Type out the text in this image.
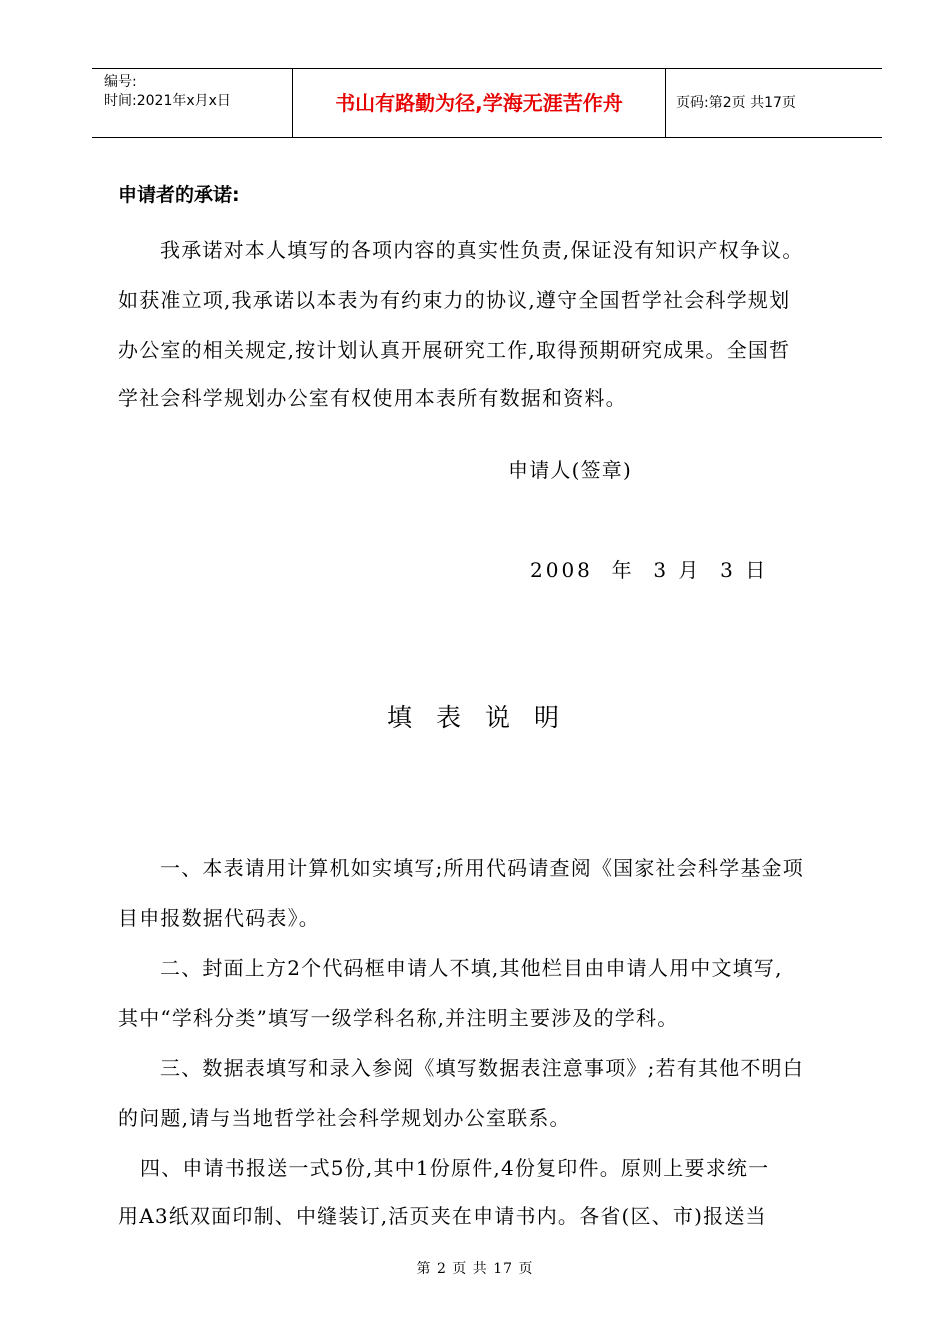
编号:
时间:2021年x月x日	书山有路勤为径,学海无涯苦作舟	页码:第2页 共17页
申请者的承诺:
我承诺对本人填写的各项内容的真实性负责,保证没有知识产权争议。
如获准立项,我承诺以本表为有约束力的协议,遵守全国哲学社会科学规划
办公室的相关规定,按计划认真开展研究工作,取得预期研究成果。全国哲
学社会科学规划办公室有权使用本表所有数据和资料。
申请人(签章)
2008  年  3 月  3 日
填表说明
一、本表请用计算机如实填写;所用代码请查阅《国家社会科学基金项
目申报数据代码表》。
二、封面上方2个代码框申请人不填,其他栏目由申请人用中文填写,
其中“学科分类”填写一级学科名称,并注明主要涉及的学科。
三、数据表填写和录入参阅《填写数据表注意事项》;若有其他不明白
的问题,请与当地哲学社会科学规划办公室联系。
四、申请书报送一式5份,其中1份原件,4份复印件。原则上要求统一
用A3纸双面印制、中缝装订,活页夹在申请书内。各省(区、市)报送当
第 2 页 共 17 页
